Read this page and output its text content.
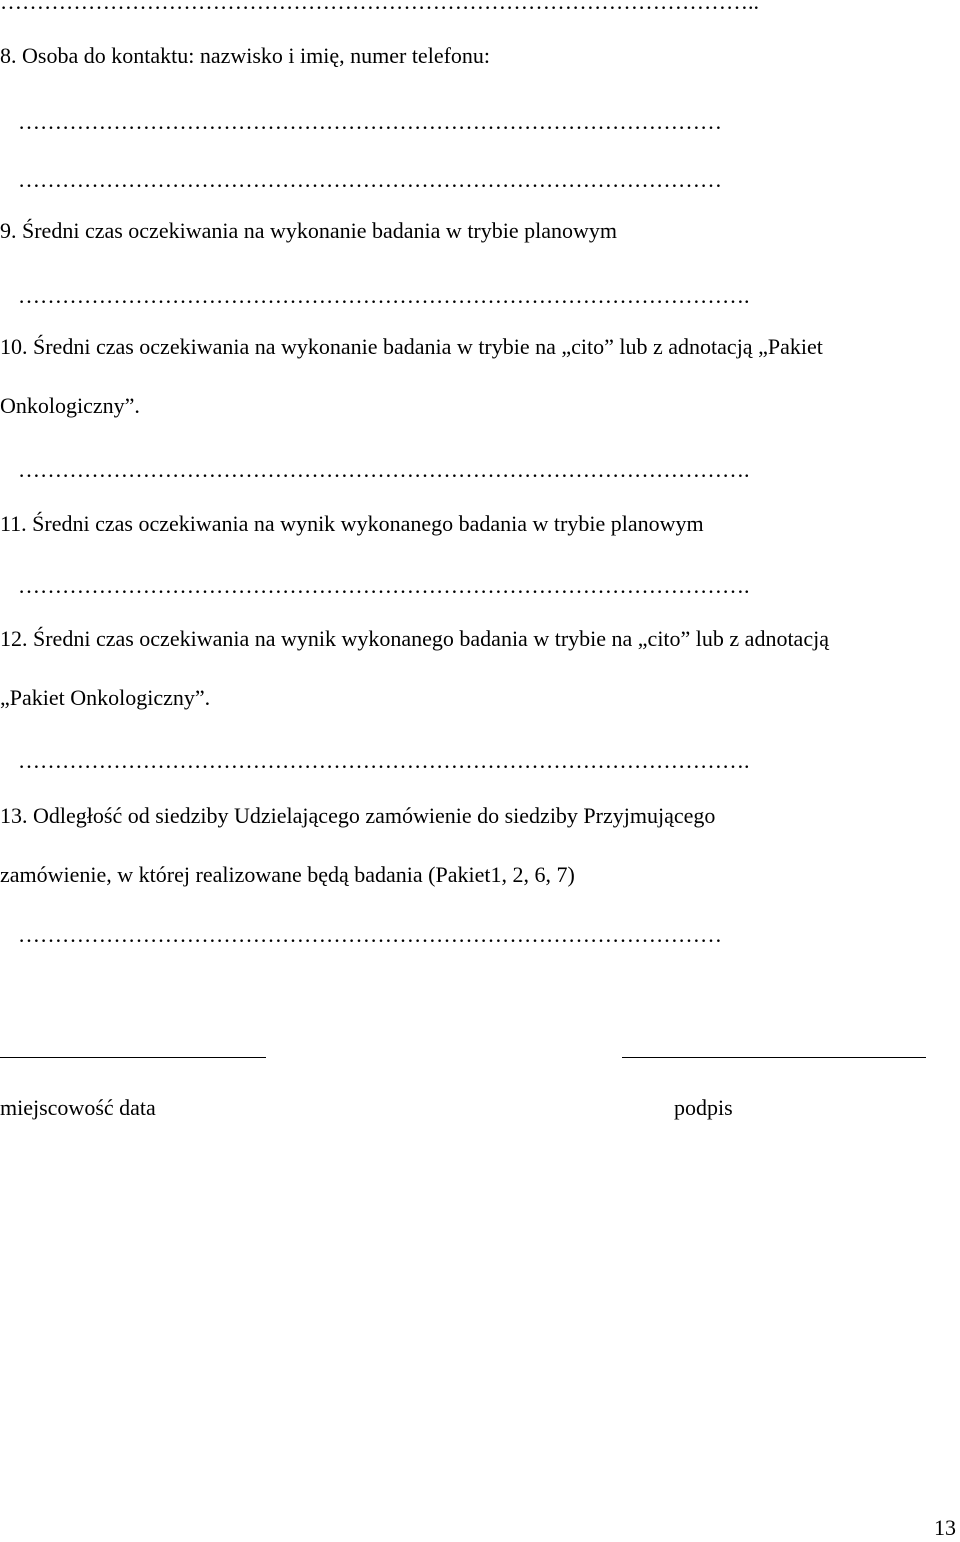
…………………………………………………………………………………………..
8. Osoba do kontaktu: nazwisko i imię, numer telefonu:
……………………………………………………………………………………
……………………………………………………………………………………
9. Średni czas oczekiwania na wykonanie badania w trybie planowym
……………………………………………………………………………………….
10. Średni czas oczekiwania na wykonanie badania w trybie na „cito” lub z adnotacją „Pakiet
Onkologiczny”.
……………………………………………………………………………………….
11. Średni czas oczekiwania na wynik wykonanego badania w trybie planowym
……………………………………………………………………………………….
12. Średni czas oczekiwania na wynik wykonanego badania w trybie na „cito” lub z adnotacją
„Pakiet Onkologiczny”.
……………………………………………………………………………………….
13. Odległość od siedziby Udzielającego zamówienie do siedziby Przyjmującego
zamówienie, w której realizowane będą badania (Pakiet1, 2, 6, 7)
……………………………………………………………………………………
miejscowość data	podpis
13
